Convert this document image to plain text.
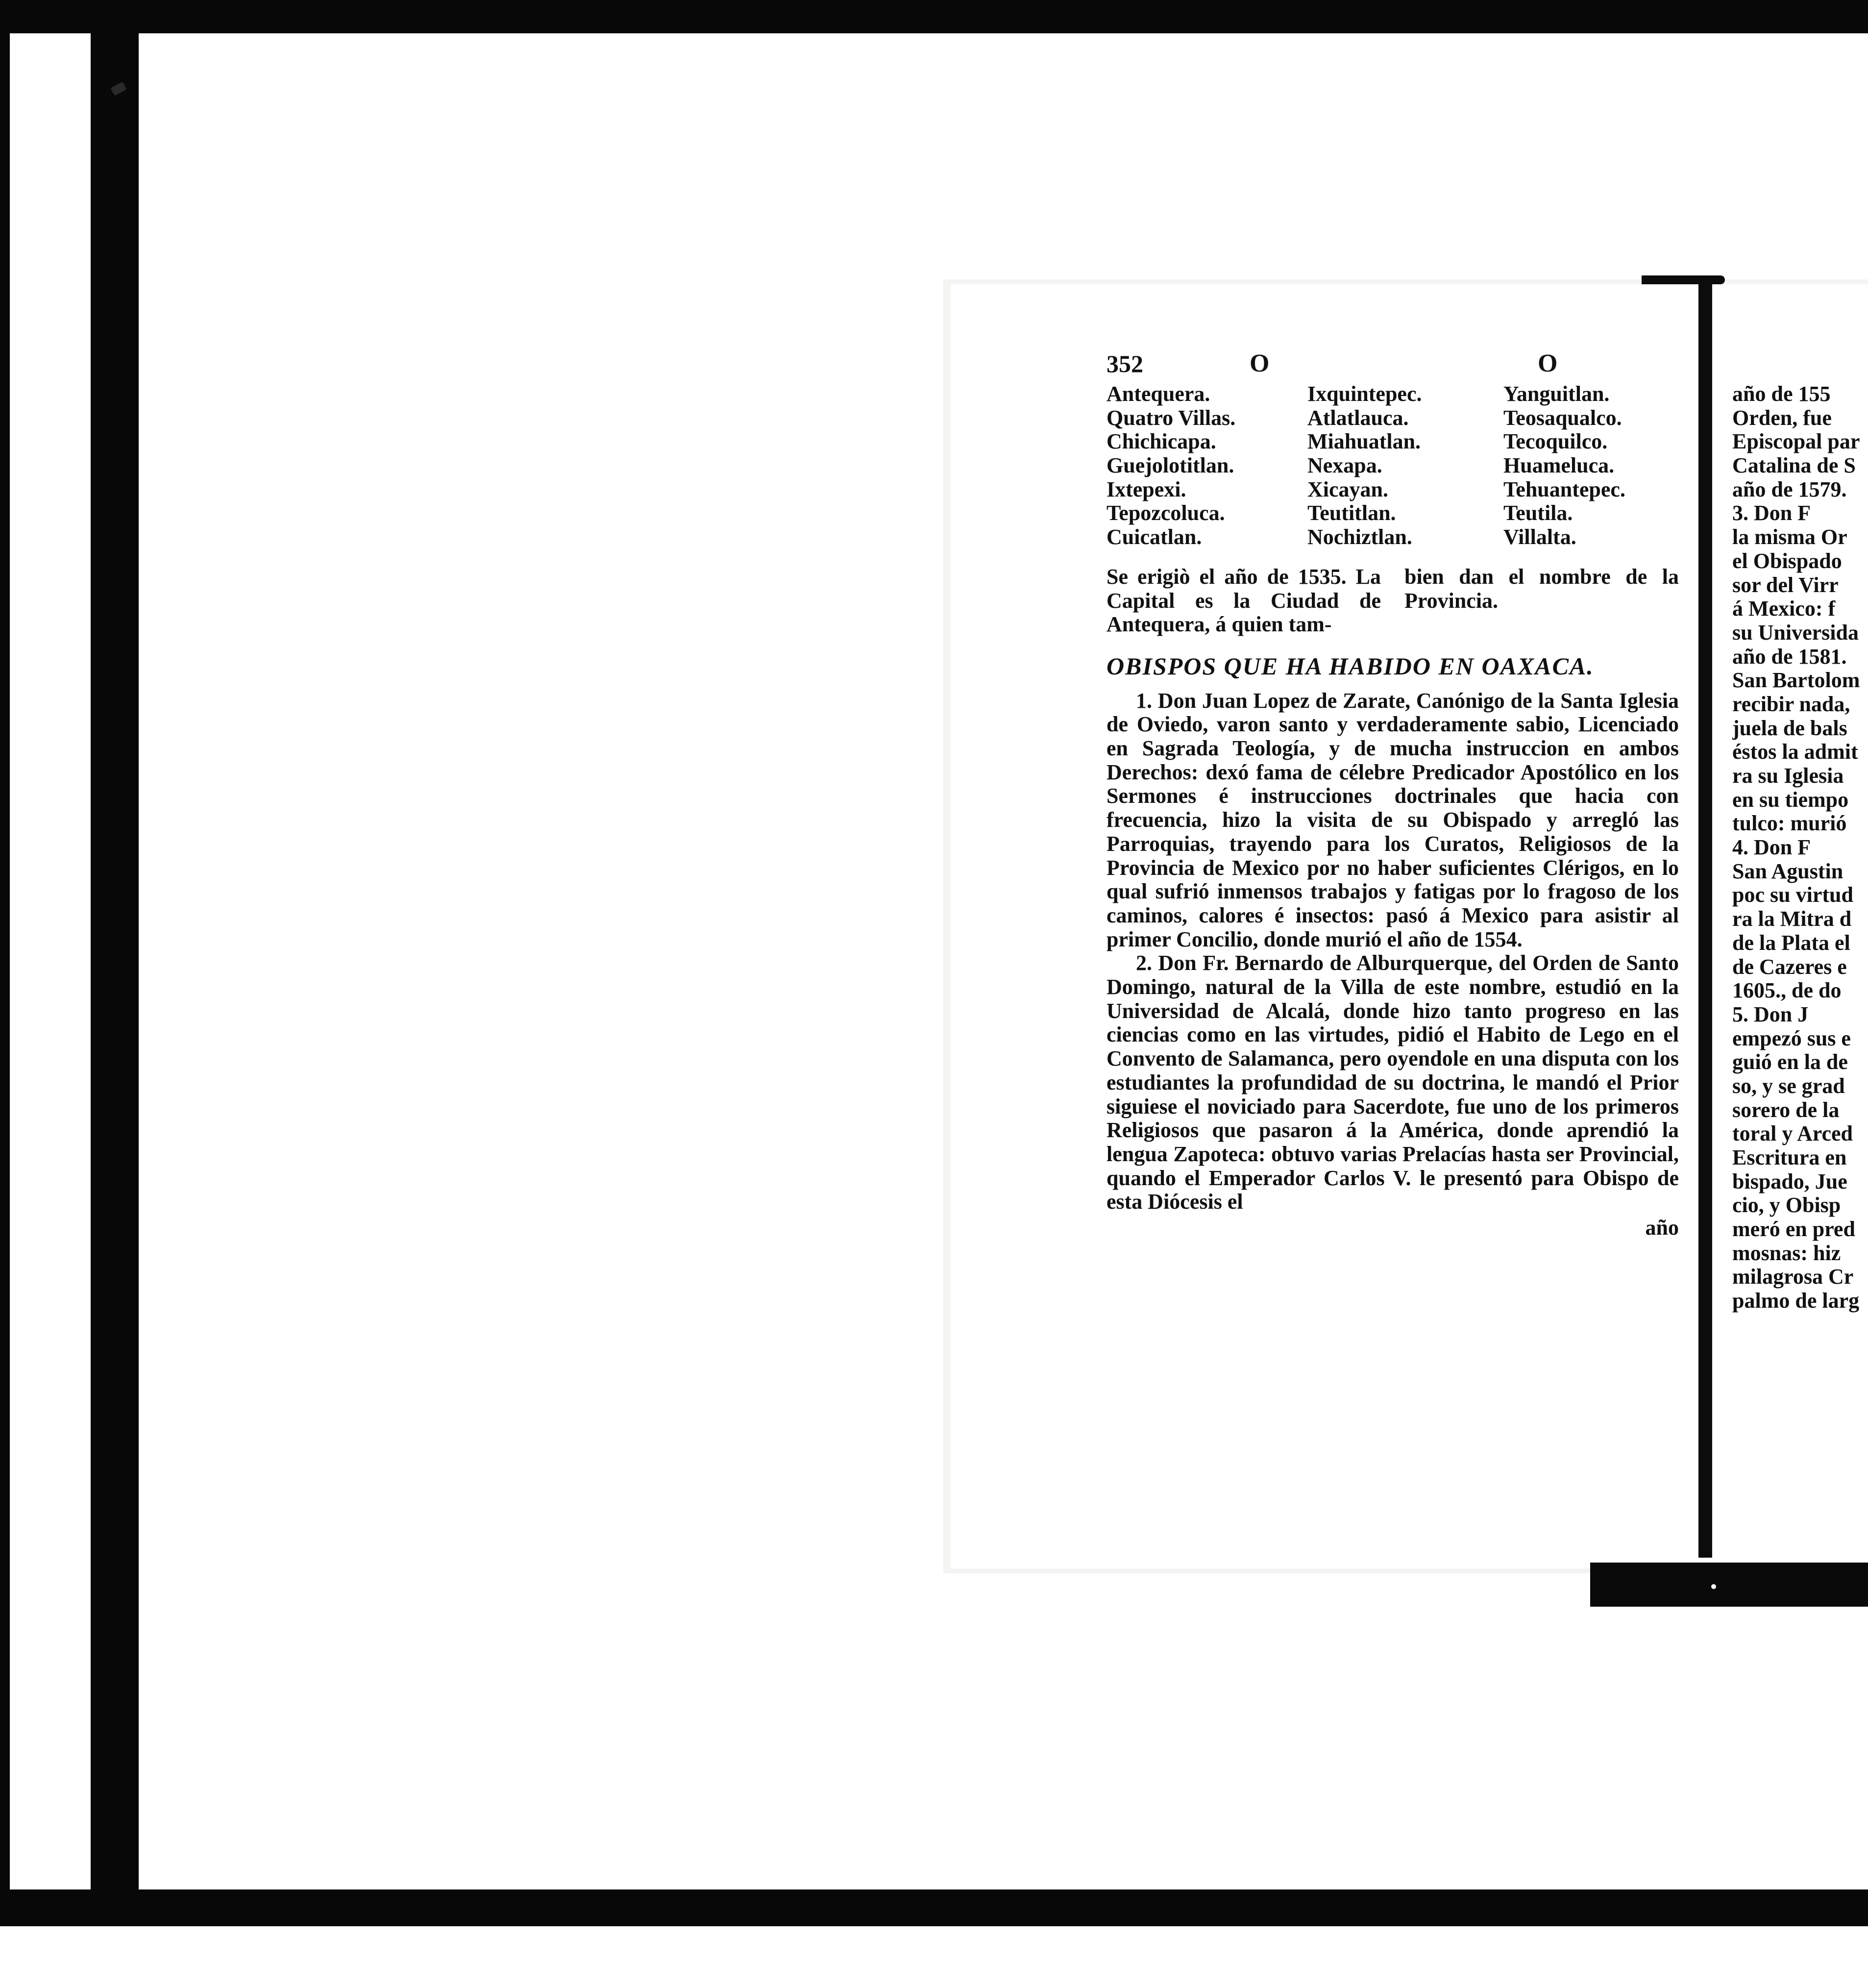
352	O	O
Antequera.	Ixquintepec.	Yanguitlan.
Quatro Villas.	Atlatlauca.	Teosaqualco.
Chichicapa.	Miahuatlan.	Tecoquilco.
Guejolotitlan.	Nexapa.	Huameluca.
Ixtepexi.	Xicayan.	Tehuantepec.
Tepozcoluca.	Teutitlan.	Teutila.
Cuicatlan.	Nochiztlan.	Villalta.
Se erigiò el año de 1535. La Capital es la Ciudad de Antequera, á quien tam-
bien dan el nombre de la Provincia.
OBISPOS QUE HA HABIDO EN OAXACA.

1. Don Juan Lopez de Zarate, Canónigo de la Santa Iglesia de Oviedo, varon santo y verdaderamente sabio, Licenciado en Sagrada Teología, y de mucha instruccion en ambos Derechos: dexó fama de célebre Predicador Apostólico en los Sermones é instrucciones doctrinales que hacia con frecuencia, hizo la visita de su Obispado y arregló las Parroquias, trayendo para los Curatos, Religiosos de la Provincia de Mexico por no haber suficientes Clérigos, en lo qual sufrió inmensos trabajos y fatigas por lo fragoso de los caminos, calores é insectos: pasó á Mexico para asistir al primer Concilio, donde murió el año de 1554.

2. Don Fr. Bernardo de Alburquerque, del Orden de Santo Domingo, natural de la Villa de este nombre, estudió en la Universidad de Alcalá, donde hizo tanto progreso en las ciencias como en las virtudes, pidió el Habito de Lego en el Convento de Salamanca, pero oyendole en una disputa con los estudiantes la profundidad de su doctrina, le mandó el Prior siguiese el noviciado para Sacerdote, fue uno de los primeros Religiosos que pasaron á la América, donde aprendió la lengua Zapoteca: obtuvo varias Prelacías hasta ser Provincial, quando el Emperador Carlos V. le presentó para Obispo de esta Diócesis el

año
año de 155
Orden, fue
Episcopal par
Catalina de S
año de 1579.
3. Don F
la misma Or
el Obispado
sor del Virr
á Mexico: f
su Universida
año de 1581.
San Bartolom
recibir nada,
juela de bals
éstos la admit
ra su Iglesia
en su tiempo
tulco: murió
4. Don F
San Agustin
poc su virtud
ra la Mitra d
de la Plata el
de Cazeres e
1605., de do
5. Don J
empezó sus e
guió en la de
so, y se grad
sorero de la
toral y Arced
Escritura en
bispado, Jue
cio, y Obisp
meró en pred
mosnas: hiz
milagrosa Cr
palmo de larg
